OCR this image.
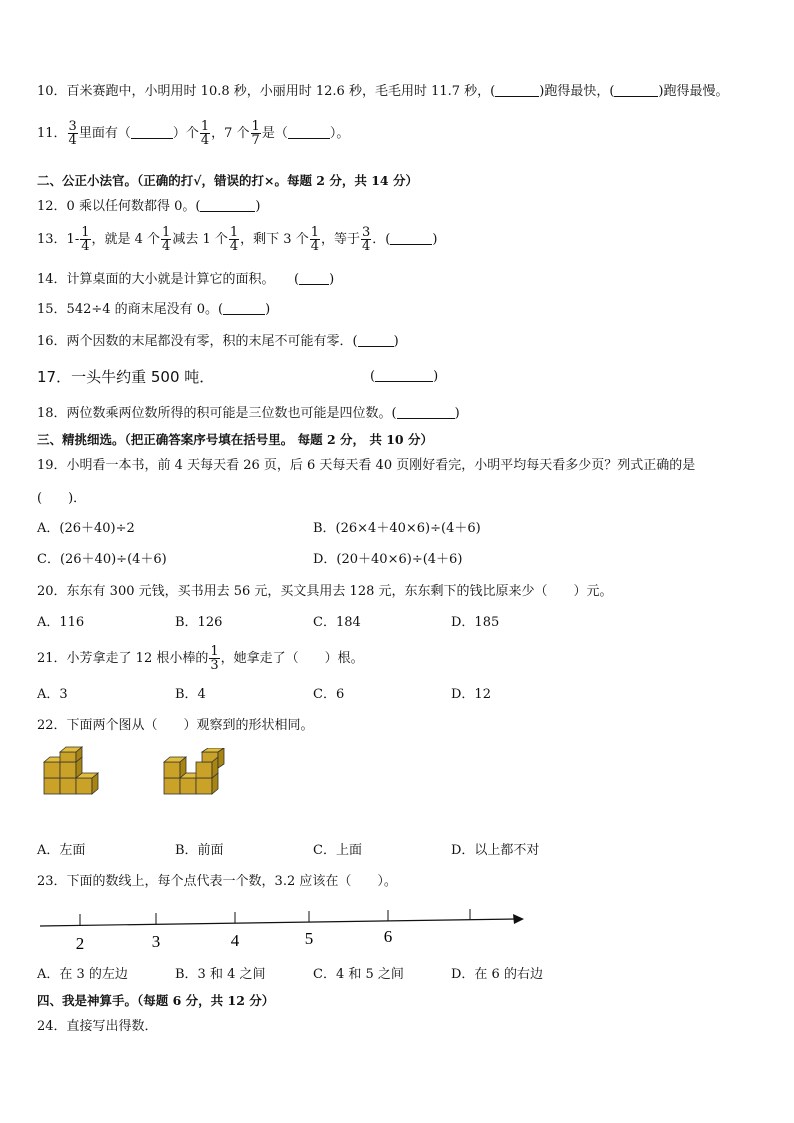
10．百米赛跑中，小明用时 10.8 秒，小丽用时 12.6 秒，毛毛用时 11.7 秒，(	)跑得最快，(	)跑得最慢。
11． $\frac{3}{4}$ 里面有（	）个 $\frac{1}{4}$ ，7 个 $\frac{1}{7}$ 是（	）。
二、公正小法官。（正确的打√，错误的打×。每题 2 分，共 14 分）
12．0 乘以任何数都得 0。(	)
13．$1- \frac{1}{4}$ ，就是 4 个 $\frac{1}{4}$ 减去 1 个 $\frac{1}{4}$ ，剩下 3 个 $\frac{1}{4}$ ，等于 $\frac{3}{4}$ ．(	)
14．计算桌面的大小就是计算它的面积。　　( )
15．542÷4 的商末尾没有 0。(	)
16．两个因数的末尾都没有零，积的末尾不可能有零．(	)
17．一头牛约重 500 吨．	(	)
18．两位数乘两位数所得的积可能是三位数也可能是四位数。(	)
三、精挑细选。（把正确答案序号填在括号里。 每题 2 分， 共 10 分）
19．小明看一本书，前 4 天每天看 26 页，后 6 天每天看 40 页刚好看完，小明平均每天看多少页？列式正确的是
(　　)．
A．(26＋40)÷2	B．(26×4＋40×6)÷(4＋6)
C．(26＋40)÷(4＋6)	D．(20＋40×6)÷(4＋6)
20．东东有 300 元钱，买书用去 56 元，买文具用去 128 元，东东剩下的钱比原来少（　　）元。
A．116	B．126	C．184	D．185
21．小芳拿走了 12 根小棒的 $\frac{1}{3}$ ，她拿走了（　　）根。
A．3	B．4	C．6	D．12
22．下面两个图从（　　）观察到的形状相同。
A．左面	B．前面	C．上面	D．以上都不对
23．下面的数线上，每个点代表一个数，3.2 应该在（　　）。
2	3	4	5	6
A．在 3 的左边	B．3 和 4 之间	C．4 和 5 之间	D．在 6 的右边
四、我是神算手。（每题 6 分，共 12 分）
24．直接写出得数．
